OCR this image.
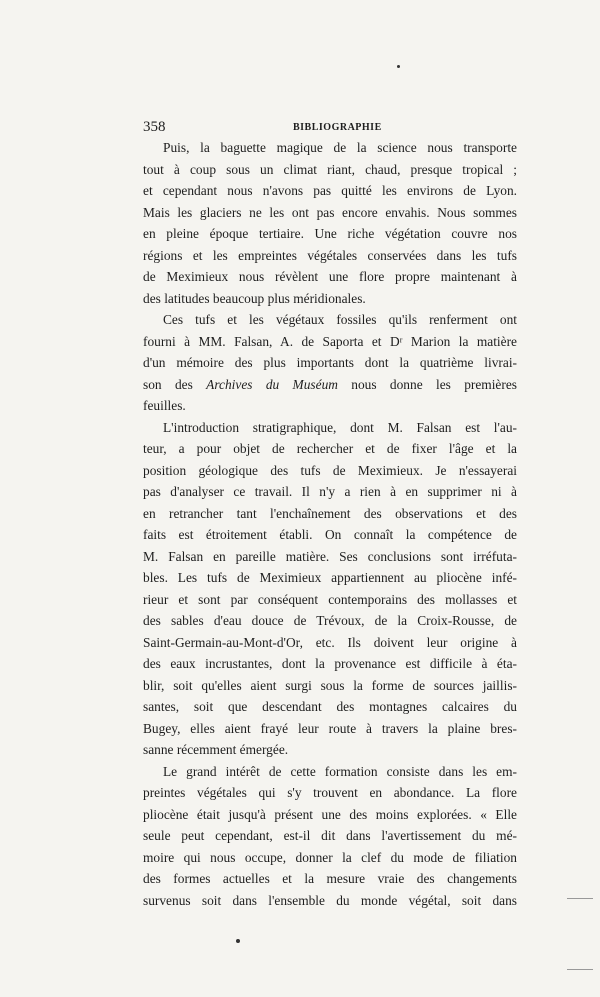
358	BIBLIOGRAPHIE
Puis, la baguette magique de la science nous transporte
tout à coup sous un climat riant, chaud, presque tropical ;
et cependant nous n'avons pas quitté les environs de Lyon.
Mais les glaciers ne les ont pas encore envahis. Nous sommes
en pleine époque tertiaire. Une riche végétation couvre nos
régions et les empreintes végétales conservées dans les tufs
de Meximieux nous révèlent une flore propre maintenant à
des latitudes beaucoup plus méridionales.
Ces tufs et les végétaux fossiles qu'ils renferment ont
fourni à MM. Falsan, A. de Saporta et Dʳ Marion la matière
d'un mémoire des plus importants dont la quatrième livrai-
son des Archives du Muséum nous donne les premières
feuilles.
L'introduction stratigraphique, dont M. Falsan est l'au-
teur, a pour objet de rechercher et de fixer l'âge et la
position géologique des tufs de Meximieux. Je n'essayerai
pas d'analyser ce travail. Il n'y a rien à en supprimer ni à
en retrancher tant l'enchaînement des observations et des
faits est étroitement établi. On connaît la compétence de
M. Falsan en pareille matière. Ses conclusions sont irréfuta-
bles. Les tufs de Meximieux appartiennent au pliocène infé-
rieur et sont par conséquent contemporains des mollasses et
des sables d'eau douce de Trévoux, de la Croix-Rousse, de
Saint-Germain-au-Mont-d'Or, etc. Ils doivent leur origine à
des eaux incrustantes, dont la provenance est difficile à éta-
blir, soit qu'elles aient surgi sous la forme de sources jaillis-
santes, soit que descendant des montagnes calcaires du
Bugey, elles aient frayé leur route à travers la plaine bres-
sanne récemment émergée.
Le grand intérêt de cette formation consiste dans les em-
preintes végétales qui s'y trouvent en abondance. La flore
pliocène était jusqu'à présent une des moins explorées. « Elle
seule peut cependant, est-il dit dans l'avertissement du mé-
moire qui nous occupe, donner la clef du mode de filiation
des formes actuelles et la mesure vraie des changements
survenus soit dans l'ensemble du monde végétal, soit dans
